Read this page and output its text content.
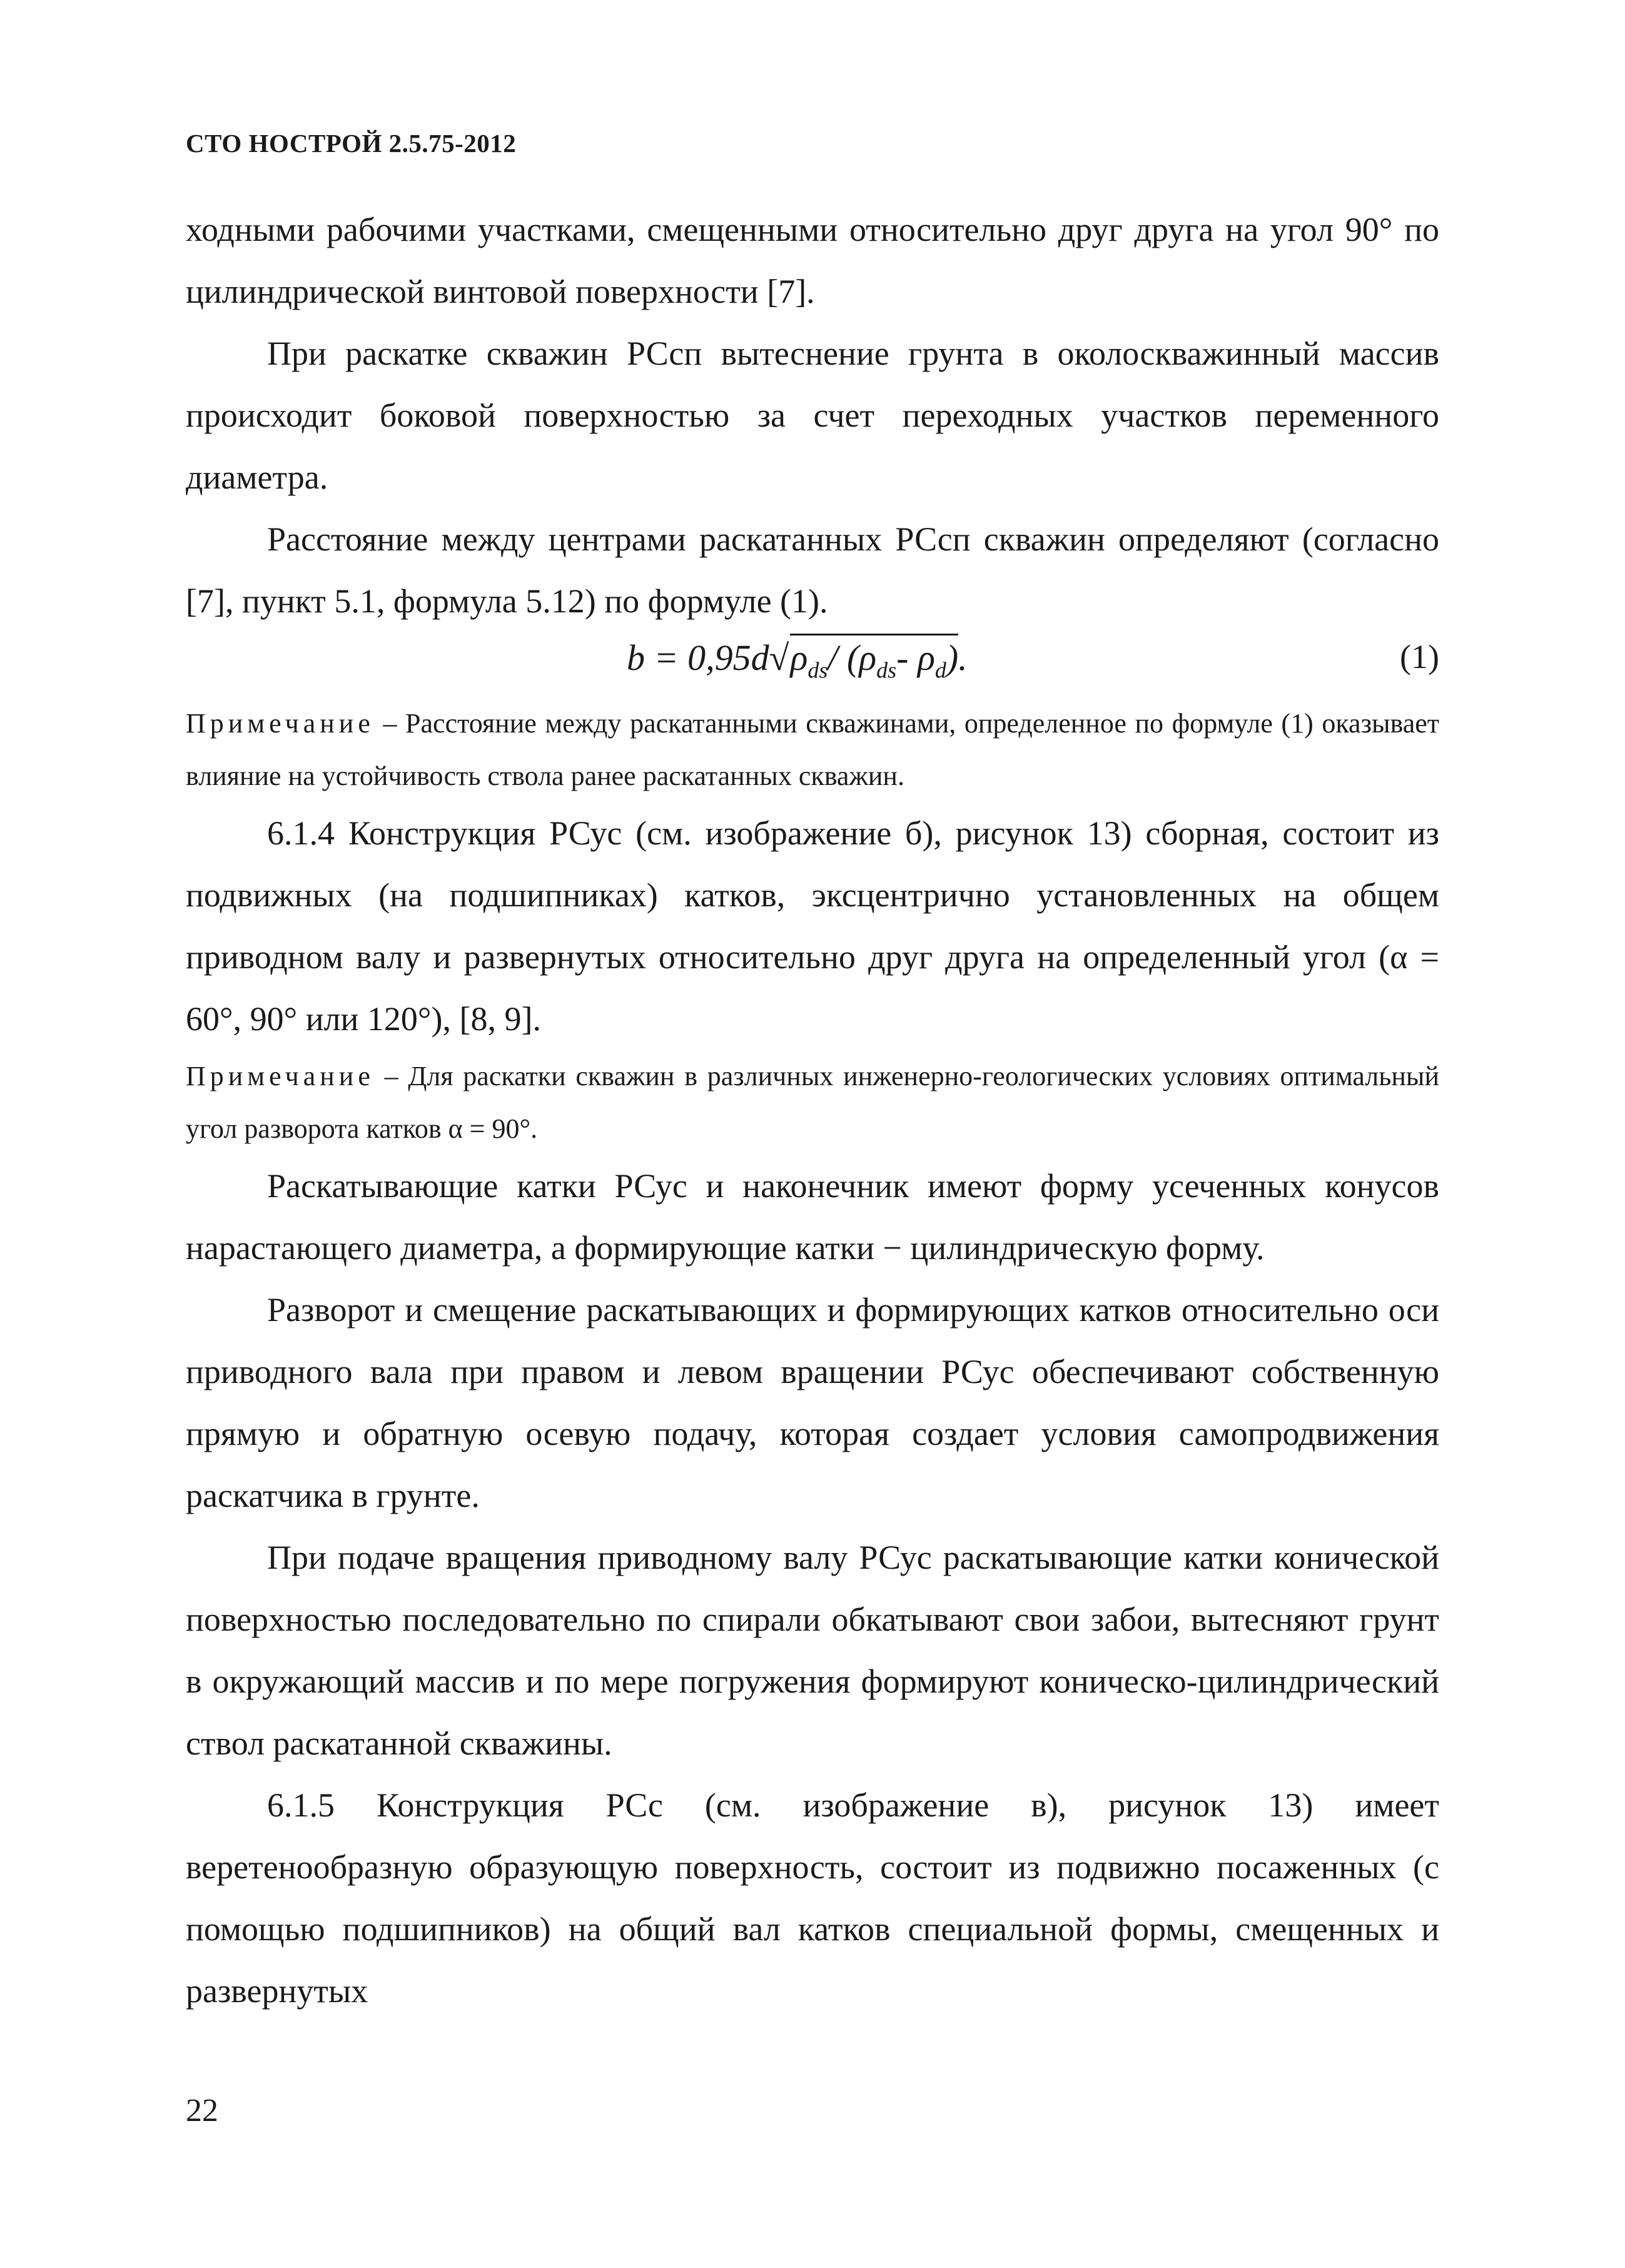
СТО НОСТРОЙ 2.5.75-2012

ходными рабочими участками, смещенными относительно друг друга на угол 90° по цилиндрической винтовой поверхности [7].

При раскатке скважин РСсп вытеснение грунта в околоскважинный массив происходит боковой поверхностью за счет переходных участков переменного диаметра.

Расстояние между центрами раскатанных РСсп скважин определяют (согласно [7], пункт 5.1, формула 5.12) по формуле (1).

$b = 0,95d√\rho_{ds}/$ ($\rho_{ds}-$ $\rho_d$).	(1)

Примечание – Расстояние между раскатанными скважинами, определенное по формуле (1) оказывает влияние на устойчивость ствола ранее раскатанных скважин.

6.1.4 Конструкция РСус (см. изображение б), рисунок 13) сборная, состоит из подвижных (на подшипниках) катков, эксцентрично установленных на общем приводном валу и развернутых относительно друг друга на определенный угол (α = 60°, 90° или 120°), [8, 9].

Примечание – Для раскатки скважин в различных инженерно-геологических условиях оптимальный угол разворота катков α = 90°.

Раскатывающие катки РСус и наконечник имеют форму усеченных конусов нарастающего диаметра, а формирующие катки − цилиндрическую форму.

Разворот и смещение раскатывающих и формирующих катков относительно оси приводного вала при правом и левом вращении РСус обеспечивают собственную прямую и обратную осевую подачу, которая создает условия самопродвижения раскатчика в грунте.

При подаче вращения приводному валу РСус раскатывающие катки конической поверхностью последовательно по спирали обкатывают свои забои, вытесняют грунт в окружающий массив и по мере погружения формируют коническо-цилиндрический ствол раскатанной скважины.

6.1.5 Конструкция РСс (см. изображение в), рисунок 13) имеет веретенообразную образующую поверхность, состоит из подвижно посаженных (с помощью подшипников) на общий вал катков специальной формы, смещенных и развернутых

22
